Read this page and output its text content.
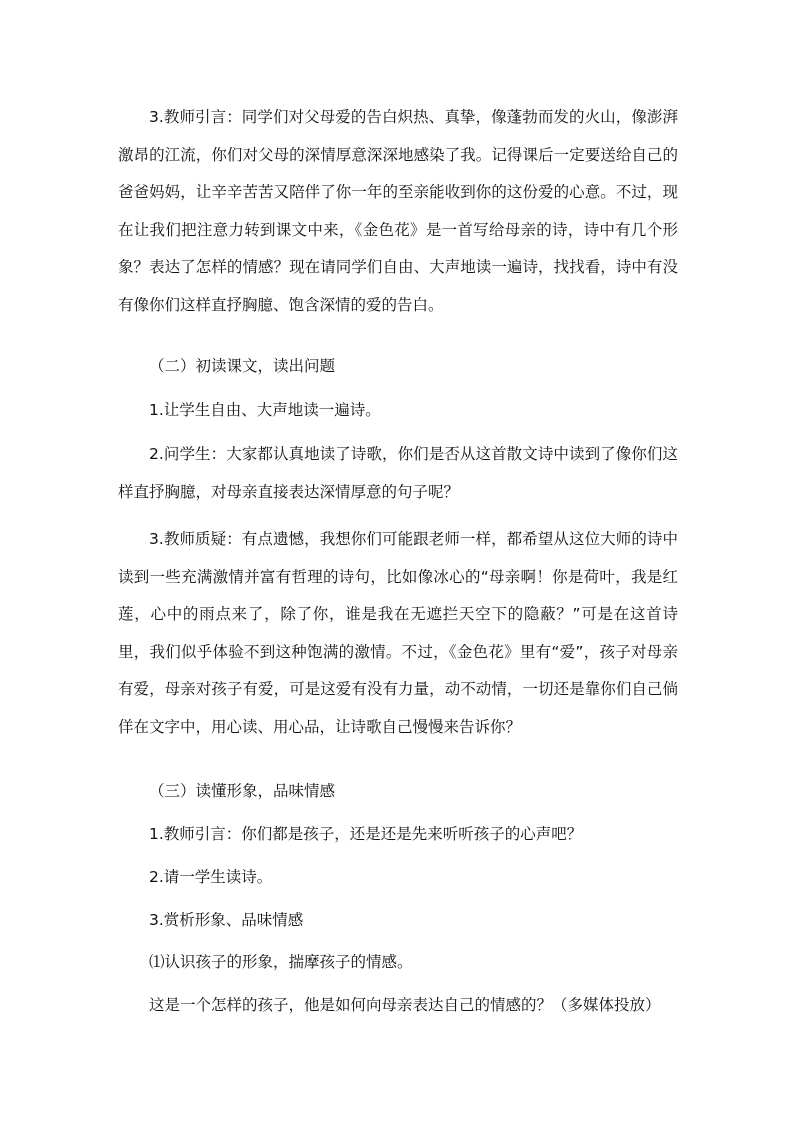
3.教师引言：同学们对父母爱的告白炽热、真挚，像蓬勃而发的火山，像澎湃激昂的江流，你们对父母的深情厚意深深地感染了我。记得课后一定要送给自己的爸爸妈妈，让辛辛苦苦又陪伴了你一年的至亲能收到你的这份爱的心意。不过，现在让我们把注意力转到课文中来，《金色花》是一首写给母亲的诗，诗中有几个形象？表达了怎样的情感？现在请同学们自由、大声地读一遍诗，找找看，诗中有没有像你们这样直抒胸臆、饱含深情的爱的告白。

（二）初读课文，读出问题

1.让学生自由、大声地读一遍诗。

2.问学生：大家都认真地读了诗歌，你们是否从这首散文诗中读到了像你们这样直抒胸臆，对母亲直接表达深情厚意的句子呢？

3.教师质疑：有点遗憾，我想你们可能跟老师一样，都希望从这位大师的诗中读到一些充满激情并富有哲理的诗句，比如像冰心的“母亲啊！你是荷叶，我是红莲，心中的雨点来了，除了你，谁是我在无遮拦天空下的隐蔽？”可是在这首诗里，我们似乎体验不到这种饱满的激情。不过，《金色花》里有“爱”，孩子对母亲有爱，母亲对孩子有爱，可是这爱有没有力量，动不动情，一切还是靠你们自己倘佯在文字中，用心读、用心品，让诗歌自己慢慢来告诉你？

（三）读懂形象，品味情感

1.教师引言：你们都是孩子，还是还是先来听听孩子的心声吧？

2.请一学生读诗。

3.赏析形象、品味情感

⑴认识孩子的形象，揣摩孩子的情感。

这是一个怎样的孩子，他是如何向母亲表达自己的情感的？（多媒体投放）
